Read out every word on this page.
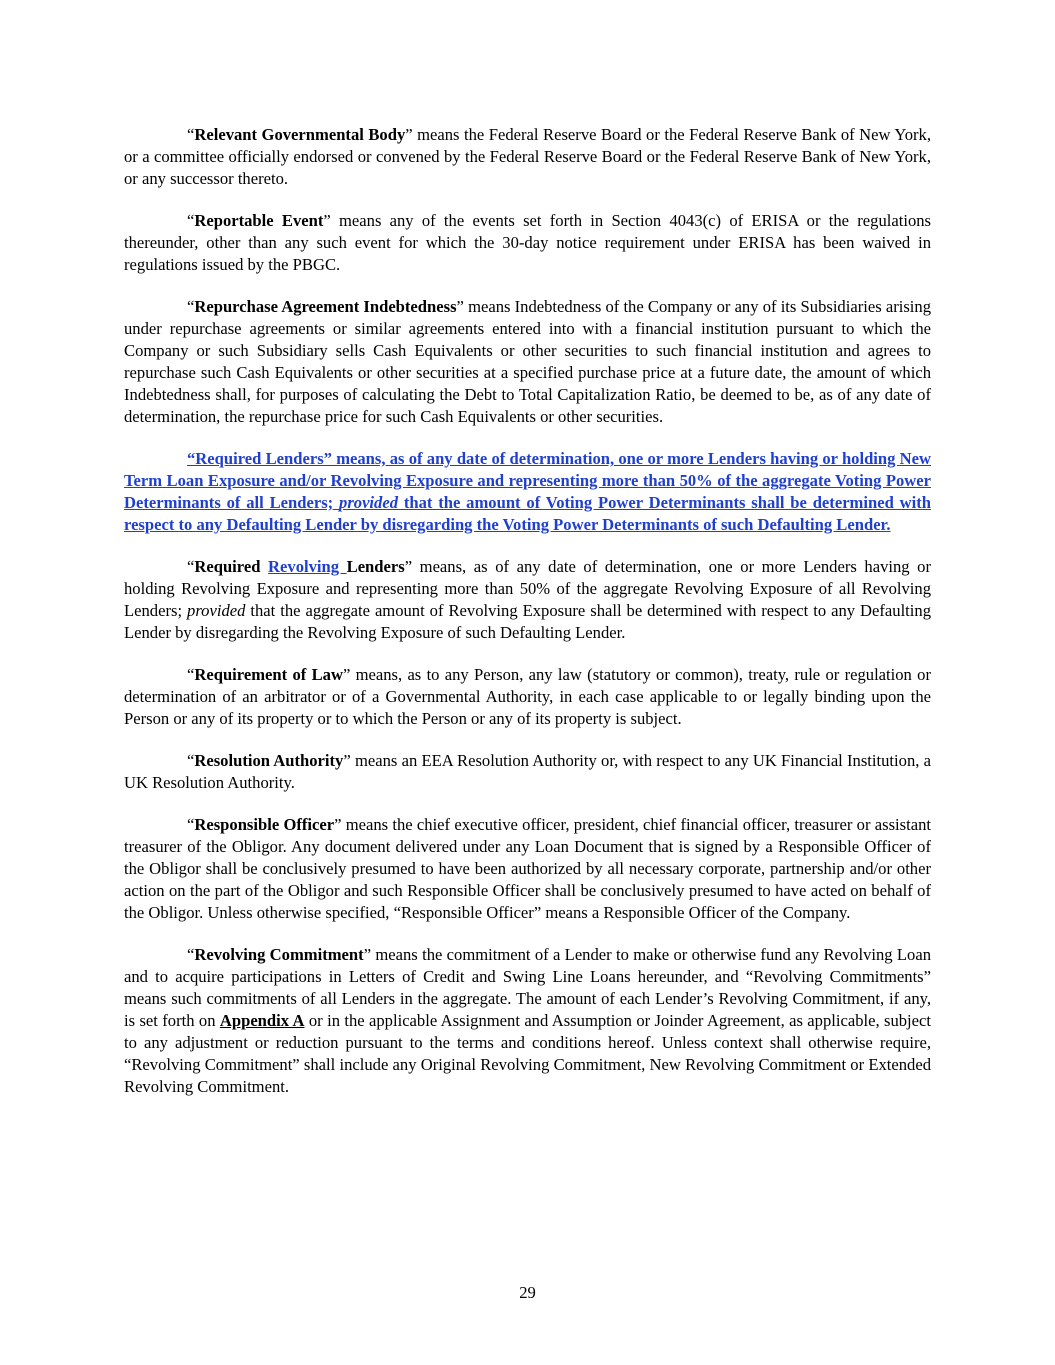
“Relevant Governmental Body” means the Federal Reserve Board or the Federal Reserve Bank of New York, or a committee officially endorsed or convened by the Federal Reserve Board or the Federal Reserve Bank of New York, or any successor thereto.

“Reportable Event” means any of the events set forth in Section 4043(c) of ERISA or the regulations thereunder, other than any such event for which the 30-day notice requirement under ERISA has been waived in regulations issued by the PBGC.

“Repurchase Agreement Indebtedness” means Indebtedness of the Company or any of its Subsidiaries arising under repurchase agreements or similar agreements entered into with a financial institution pursuant to which the Company or such Subsidiary sells Cash Equivalents or other securities to such financial institution and agrees to repurchase such Cash Equivalents or other securities at a specified purchase price at a future date, the amount of which Indebtedness shall, for purposes of calculating the Debt to Total Capitalization Ratio, be deemed to be, as of any date of determination, the repurchase price for such Cash Equivalents or other securities.

“Required Lenders” means, as of any date of determination, one or more Lenders having or holding New Term Loan Exposure and/or Revolving Exposure and representing more than 50% of the aggregate Voting Power Determinants of all Lenders; provided that the amount of Voting Power Determinants shall be determined with respect to any Defaulting Lender by disregarding the Voting Power Determinants of such Defaulting Lender.

“Required Revolving Lenders” means, as of any date of determination, one or more Lenders having or holding Revolving Exposure and representing more than 50% of the aggregate Revolving Exposure of all Revolving Lenders; provided that the aggregate amount of Revolving Exposure shall be determined with respect to any Defaulting Lender by disregarding the Revolving Exposure of such Defaulting Lender.

“Requirement of Law” means, as to any Person, any law (statutory or common), treaty, rule or regulation or determination of an arbitrator or of a Governmental Authority, in each case applicable to or legally binding upon the Person or any of its property or to which the Person or any of its property is subject.

“Resolution Authority” means an EEA Resolution Authority or, with respect to any UK Financial Institution, a UK Resolution Authority.

“Responsible Officer” means the chief executive officer, president, chief financial officer, treasurer or assistant treasurer of the Obligor. Any document delivered under any Loan Document that is signed by a Responsible Officer of the Obligor shall be conclusively presumed to have been authorized by all necessary corporate, partnership and/or other action on the part of the Obligor and such Responsible Officer shall be conclusively presumed to have acted on behalf of the Obligor. Unless otherwise specified, “Responsible Officer” means a Responsible Officer of the Company.

“Revolving Commitment” means the commitment of a Lender to make or otherwise fund any Revolving Loan and to acquire participations in Letters of Credit and Swing Line Loans hereunder, and “Revolving Commitments” means such commitments of all Lenders in the aggregate. The amount of each Lender’s Revolving Commitment, if any, is set forth on Appendix A or in the applicable Assignment and Assumption or Joinder Agreement, as applicable, subject to any adjustment or reduction pursuant to the terms and conditions hereof. Unless context shall otherwise require, “Revolving Commitment” shall include any Original Revolving Commitment, New Revolving Commitment or Extended Revolving Commitment.

29
